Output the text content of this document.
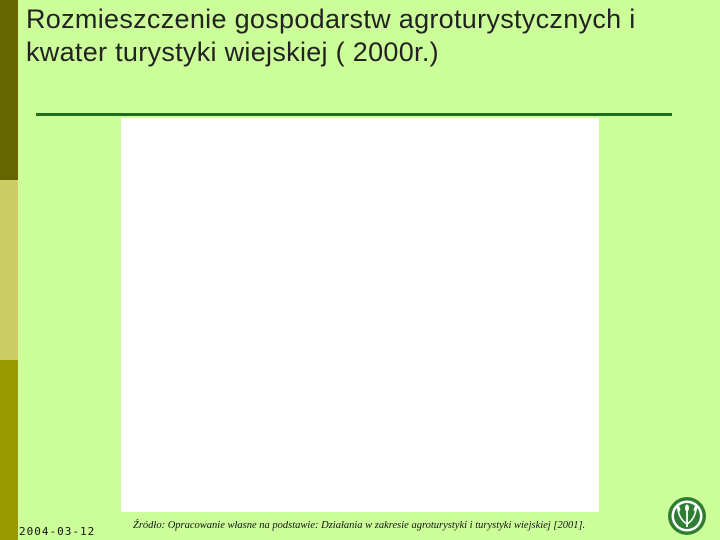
Rozmieszczenie gospodarstw agroturystycznych i kwater turystyki wiejskiej ( 2000r.)
2004-03-12	Źródło: Opracowanie własne na podstawie: Działania w zakresie agroturystyki i turystyki wiejskiej [2001].
